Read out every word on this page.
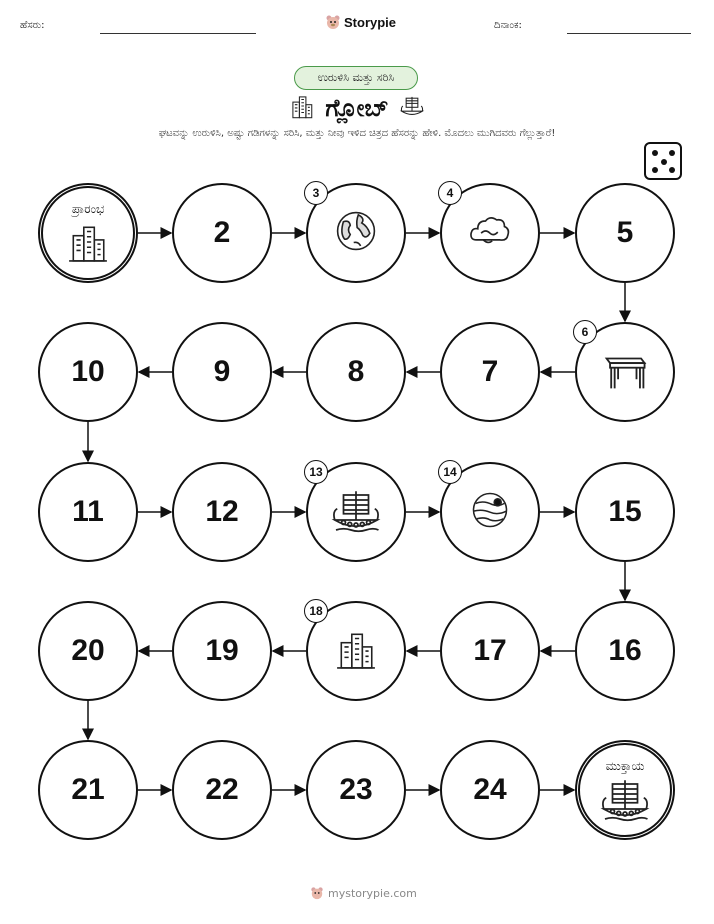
ಹೆಸರು:	Storypie	ದಿನಾಂಕ:
ಉರುಳಿಸಿ ಮತ್ತು ಸರಿಸಿ
ಗ್ಲೋಬ್
ಘಟವನ್ನು ಉರುಳಿಸಿ, ಅಷ್ಟು ಗಡಿಗಳನ್ನು ಸರಿಸಿ, ಮತ್ತು ನೀವು ಇಳಿದ ಚಿತ್ರದ ಹೆಸರನ್ನು ಹೇಳಿ. ಮೊದಲು ಮುಗಿದವರು ಗೆಲ್ಲುತ್ತಾರೆ!
ಪ್ರಾರಂಭ
2
3	4
5
6
7
8
9
10
11	12
13	14
15
16
17
18
19
20
21	22	23	24
ಮುಕ್ತಾಯ
mystorypie.com
